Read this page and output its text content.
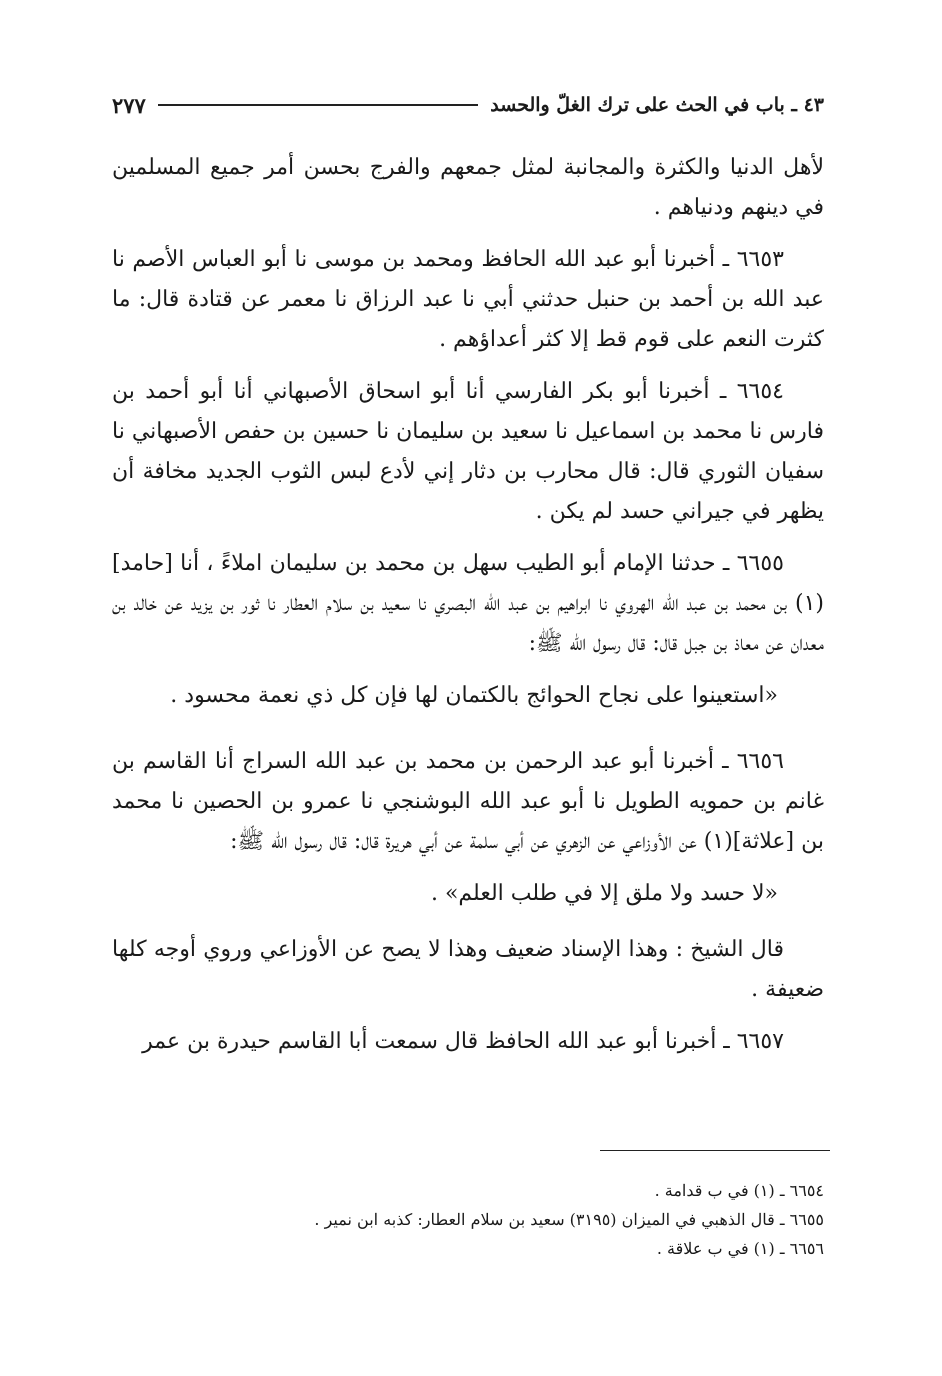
٤٣ ـ باب في الحث على ترك الغلّ والحسد
٢٧٧

لأهل الدنيا والكثرة والمجانبة لمثل جمعهم والفرج بحسن أمر جميع المسلمين في دينهم ودنياهم .

٦٦٥٣ ـ أخبرنا أبو عبد الله الحافظ ومحمد بن موسى نا أبو العباس الأصم نا عبد الله بن أحمد بن حنبل حدثني أبي نا عبد الرزاق نا معمر عن قتادة قال: ما كثرت النعم على قوم قط إلا كثر أعداؤهم .

٦٦٥٤ ـ أخبرنا أبو بكر الفارسي أنا أبو اسحاق الأصبهاني أنا أبو أحمد بن فارس نا محمد بن اسماعيل نا سعيد بن سليمان نا حسين بن حفص الأصبهاني نا سفيان الثوري قال: قال محارب بن دثار إني لأدع لبس الثوب الجديد مخافة أن يظهر في جيراني حسد لم يكن .

٦٦٥٥ ـ حدثنا الإمام أبو الطيب سهل بن محمد بن سليمان املاءً ، أنا [حامد](١) بن محمد بن عبد الله الهروي نا ابراهيم بن عبد الله البصري نا سعيد بن سلام العطار نا ثور بن يزيد عن خالد بن معدان عن معاذ بن جبل قال: قال رسول الله ﷺ:

«استعينوا على نجاح الحوائج بالكتمان لها فإن كل ذي نعمة محسود .

٦٦٥٦ ـ أخبرنا أبو عبد الرحمن بن محمد بن عبد الله السراج أنا القاسم بن غانم بن حمويه الطويل نا أبو عبد الله البوشنجي نا عمرو بن الحصين نا محمد بن [علاثة](١) عن الأوزاعي عن الزهري عن أبي سلمة عن أبي هريرة قال: قال رسول الله ﷺ:

«لا حسد ولا ملق إلا في طلب العلم» .

قال الشيخ : وهذا الإسناد ضعيف وهذا لا يصح عن الأوزاعي وروي أوجه كلها ضعيفة .

٦٦٥٧ ـ أخبرنا أبو عبد الله الحافظ قال سمعت أبا القاسم حيدرة بن عمر

٦٦٥٤ ـ (١) في ب قدامة .

٦٦٥٥ ـ قال الذهبي في الميزان (٣١٩٥) سعيد بن سلام العطار: كذبه ابن نمير .

٦٦٥٦ ـ (١) في ب علاقة .
